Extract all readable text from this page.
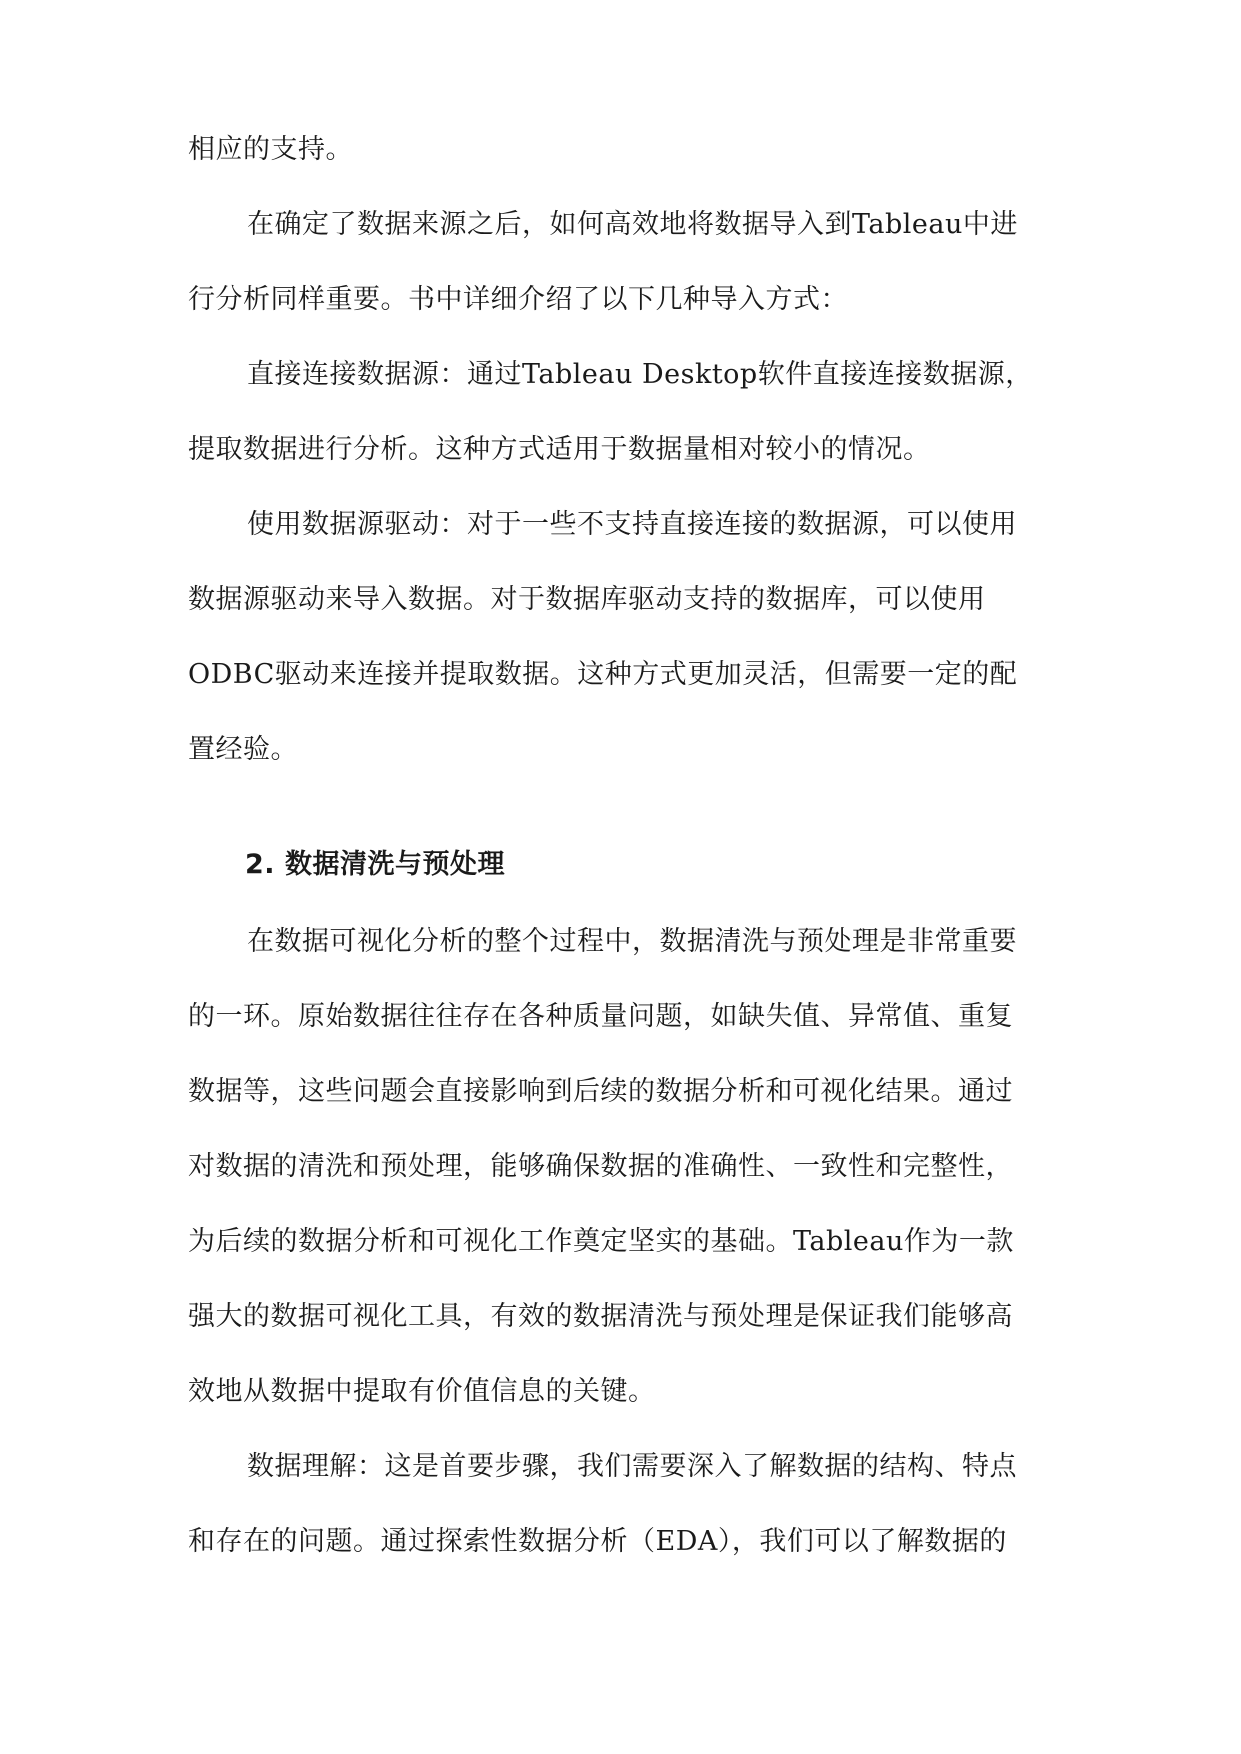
相应的支持。
在确定了数据来源之后，如何高效地将数据导入到Tableau中进
行分析同样重要。书中详细介绍了以下几种导入方式：
直接连接数据源：通过Tableau Desktop软件直接连接数据源，
提取数据进行分析。这种方式适用于数据量相对较小的情况。
使用数据源驱动：对于一些不支持直接连接的数据源，可以使用
数据源驱动来导入数据。对于数据库驱动支持的数据库，可以使用
ODBC驱动来连接并提取数据。这种方式更加灵活，但需要一定的配
置经验。
2. 数据清洗与预处理
在数据可视化分析的整个过程中，数据清洗与预处理是非常重要
的一环。原始数据往往存在各种质量问题，如缺失值、异常值、重复
数据等，这些问题会直接影响到后续的数据分析和可视化结果。通过
对数据的清洗和预处理，能够确保数据的准确性、一致性和完整性，
为后续的数据分析和可视化工作奠定坚实的基础。Tableau作为一款
强大的数据可视化工具，有效的数据清洗与预处理是保证我们能够高
效地从数据中提取有价值信息的关键。
数据理解：这是首要步骤，我们需要深入了解数据的结构、特点
和存在的问题。通过探索性数据分析（EDA），我们可以了解数据的
